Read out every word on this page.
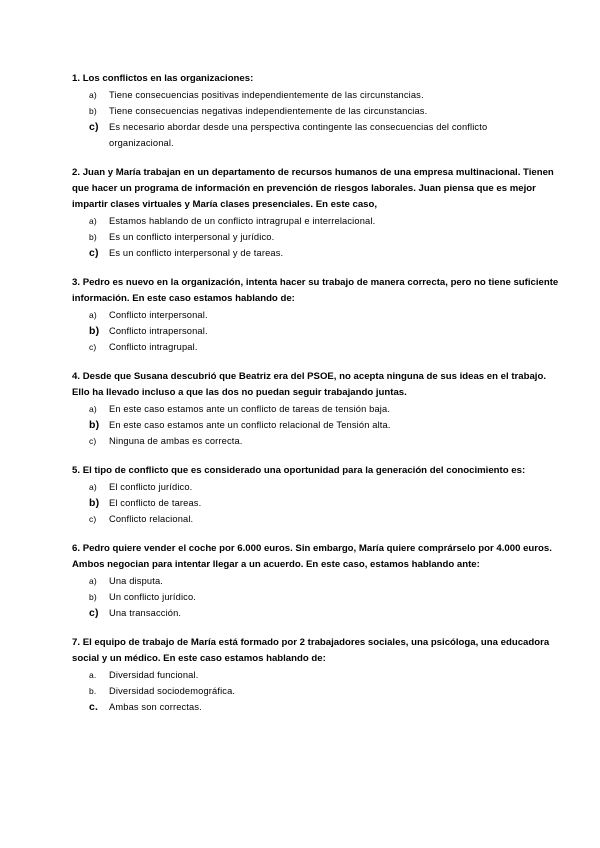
1. Los conflictos en las organizaciones:

a)	Tiene consecuencias positivas independientemente de las circunstancias.
b)	Tiene consecuencias negativas independientemente de las circunstancias.
c)	Es necesario abordar desde una perspectiva contingente las consecuencias del conflicto organizacional.

2. Juan y María trabajan en un departamento de recursos humanos de una empresa multinacional. Tienen que hacer un programa de información en prevención de riesgos laborales. Juan piensa que es mejor impartir clases virtuales y María clases presenciales. En este caso,

a)	Estamos hablando de un conflicto intragrupal e interrelacional.
b)	Es un conflicto interpersonal y jurídico.
c)	Es un conflicto interpersonal y de tareas.

3. Pedro es nuevo en la organización, intenta hacer su trabajo de manera correcta, pero no tiene suficiente información. En este caso estamos hablando de:

a)	Conflicto interpersonal.
b)	Conflicto intrapersonal.
c)	Conflicto intragrupal.

4. Desde que Susana descubrió que Beatriz era del PSOE, no acepta ninguna de sus ideas en el trabajo. Ello ha llevado incluso a que las dos no puedan seguir trabajando juntas.

a)	En este caso estamos ante un conflicto de tareas de tensión baja.
b)	En este caso estamos ante un conflicto relacional de Tensión alta.
c)	Ninguna de ambas es correcta.

5. El tipo de conflicto que es considerado una oportunidad para la generación del conocimiento es:

a)	El conflicto jurídico.
b)	El conflicto de tareas.
c)	Conflicto relacional.

6. Pedro quiere vender el coche por 6.000 euros. Sin embargo, María quiere comprárselo por 4.000 euros. Ambos negocian para intentar llegar a un acuerdo. En este caso, estamos hablando ante:

a)	Una disputa.
b)	Un conflicto jurídico.
c)	Una transacción.

7. El equipo de trabajo de María está formado por 2 trabajadores sociales, una psicóloga, una educadora social y un médico. En este caso estamos hablando de:

a.	Diversidad funcional.
b.	Diversidad sociodemográfica.
c.	Ambas son correctas.
